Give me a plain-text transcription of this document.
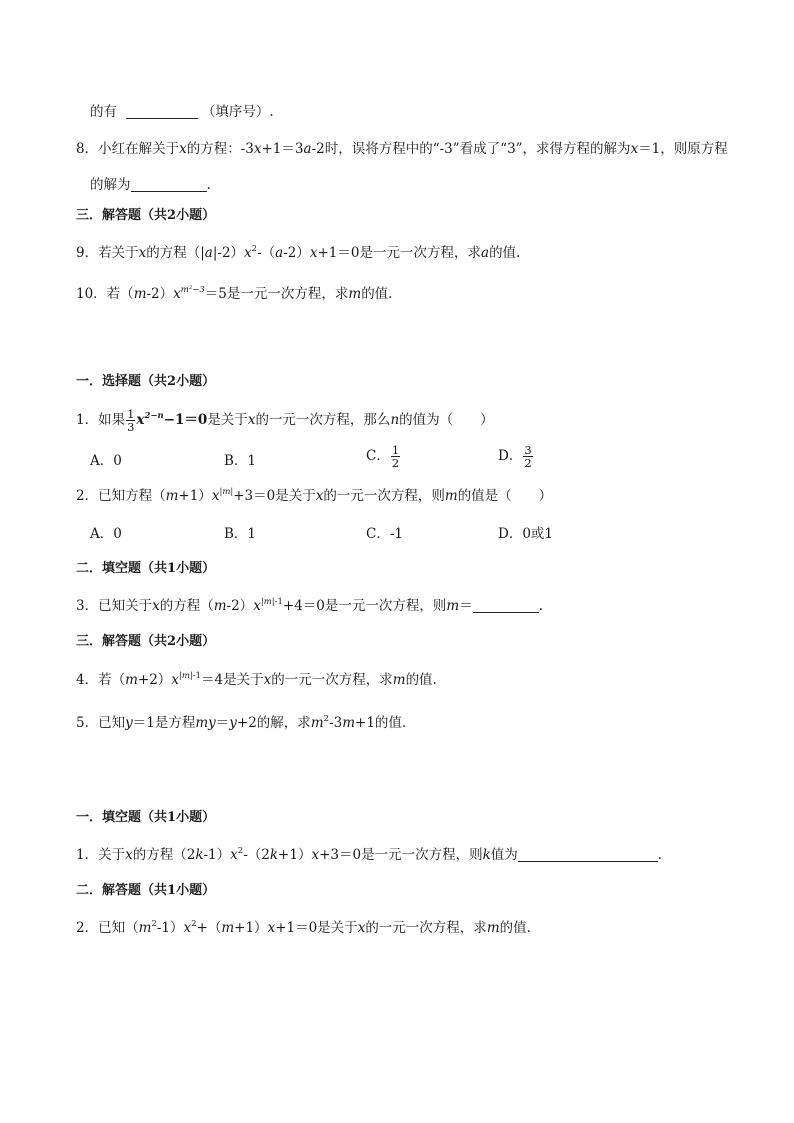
的有	（填序号）.
8．小红在解关于x的方程：-3x+1＝3a-2时，误将方程中的“-3”看成了“3”，求得方程的解为x＝1，则原方程
的解为	.
三．解答题（共2小题）
9．若关于x的方程$(|a|-2)x^2-(a-2)x+1=0$是一元一次方程，求a的值.
10．若$(m-2)x^{m^2-3}=5$是一元一次方程，求m的值.
一．选择题（共2小题）
1．如果 $\frac{1}{3} x^{2-n}-1=0$是关于x的一元一次方程，那么n的值为（　　）
A．0	B．1	C． $\frac{1}{2}$	D． $\frac{3}{2}$
2．已知方程$(m+1)x^{|m|}+3=0$是关于x的一元一次方程，则m的值是（　　）
A．0	B．1	C．-1	D．0或1
二．填空题（共1小题）
3．已知关于x的方程$(m-2)x^{|m|-1}+4=0$是一元一次方程，则m＝	.
三．解答题（共2小题）
4．若$(m+2)x^{|m|-1}=4$是关于x的一元一次方程，求m的值.
5．已知y＝1是方程my＝y+2的解，求$m^2-3m+1$的值.
一．填空题（共1小题）
1．关于x的方程$(2k-1)x^2-(2k+1)x+3=0$是一元一次方程，则k值为	.
二．解答题（共1小题）
2．已知$(m^2-1)x^2+(m+1)x+1=0$是关于x的一元一次方程，求m的值.
